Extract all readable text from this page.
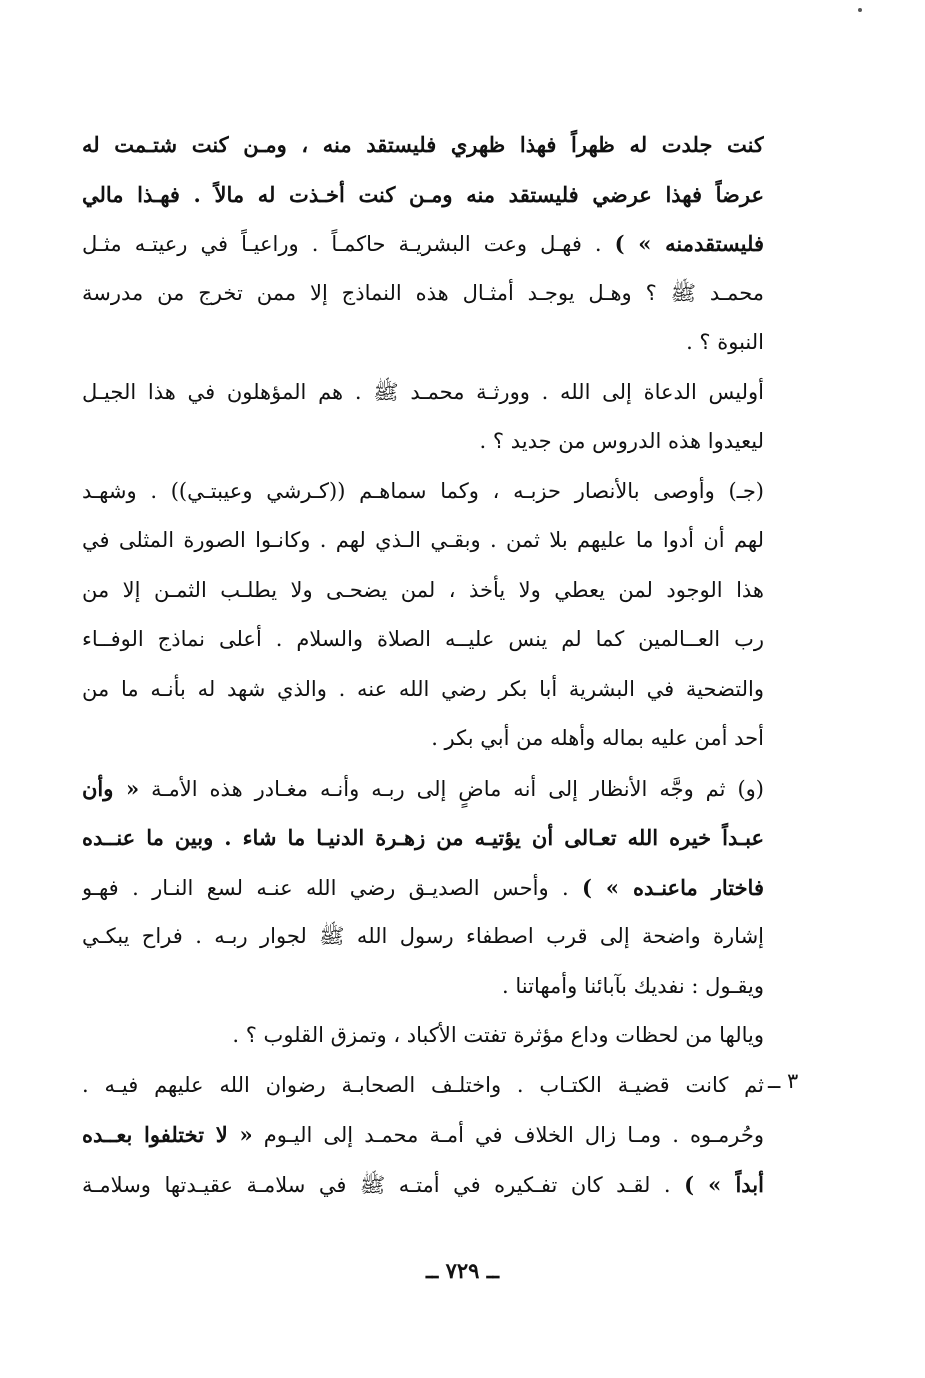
كنت جلدت له ظهراً فهذا ظهري فليستقد منه ، ومـن كنت شتـمت له
عرضاً فهذا عرضي فليستقد منه ومـن كنت أخـذت له مالاً . فهـذا مالي
فليستقدمنه » ) . فهـل وعت البشريـة حاكمـاً . وراعيـاً في رعيتـه مثـل
محمـد ﷺ ؟ وهـل يوجـد أمثـال هذه النماذج إلا ممن تخرج من مدرسة
النبوة ؟ .
أوليس الدعاة إلى الله . وورثـة محمـد ﷺ . هم المؤهلون في هذا الجيـل
ليعيدوا هذه الدروس من جديد ؟ .
(جـ) وأوصى بالأنصار حزبـه ، وكما سماهـم ((كـرشي وعيبتـي)) . وشهـد
لهم أن أدوا ما عليهم بلا ثمن . وبقـي الـذي لهم . وكانـوا الصورة المثلى في
هذا الوجود لمن يعطي ولا يأخذ ، لمن يضحـى ولا يطلـب الثمـن إلا من
رب العــالمين كما لم ينس عليــه الصلاة والسلام . أعلى نماذج الوفــاء
والتضحية في البشرية أبا بكر رضي الله عنه . والذي شهد له بأنـه ما من
أحد أمن عليه بماله وأهله من أبي بكر .
(و) ثم وجَّه الأنظار إلى أنه ماضٍ إلى ربـه وأنـه مغـادر هذه الأمـة « وأن
عبـداً خيره الله تعـالى أن يؤتيـه من زهـرة الدنيـا ما شاء . وبين ما عنــده
فاختار ماعنـده » ) . وأحس الصديـق رضي الله عنـه لسع النـار . فهـو
إشارة واضحة إلى قرب اصطفاء رسول الله ﷺ لجوار ربـه . فراح يبكـي
ويقـول : نفديك بآبائنا وأمهاتنا .
ويالها من لحظات وداع مؤثرة تفتت الأكباد ، وتمزق القلوب ؟ .
ثم كانت قضيـة الكتـاب . واختلـف الصحابـة رضوان الله عليهم فيـه .
وحُرمـوه . ومـا زال الخلاف في أمـة محمـد إلى اليـوم « لا تختلفوا بعــده
أبداً » ) . لقـد كان تفـكيره في أمتـه ﷺ في سلامـة عقيـدتها وسلامـة
٣ ــ
ــ ٧٢٩ ــ
